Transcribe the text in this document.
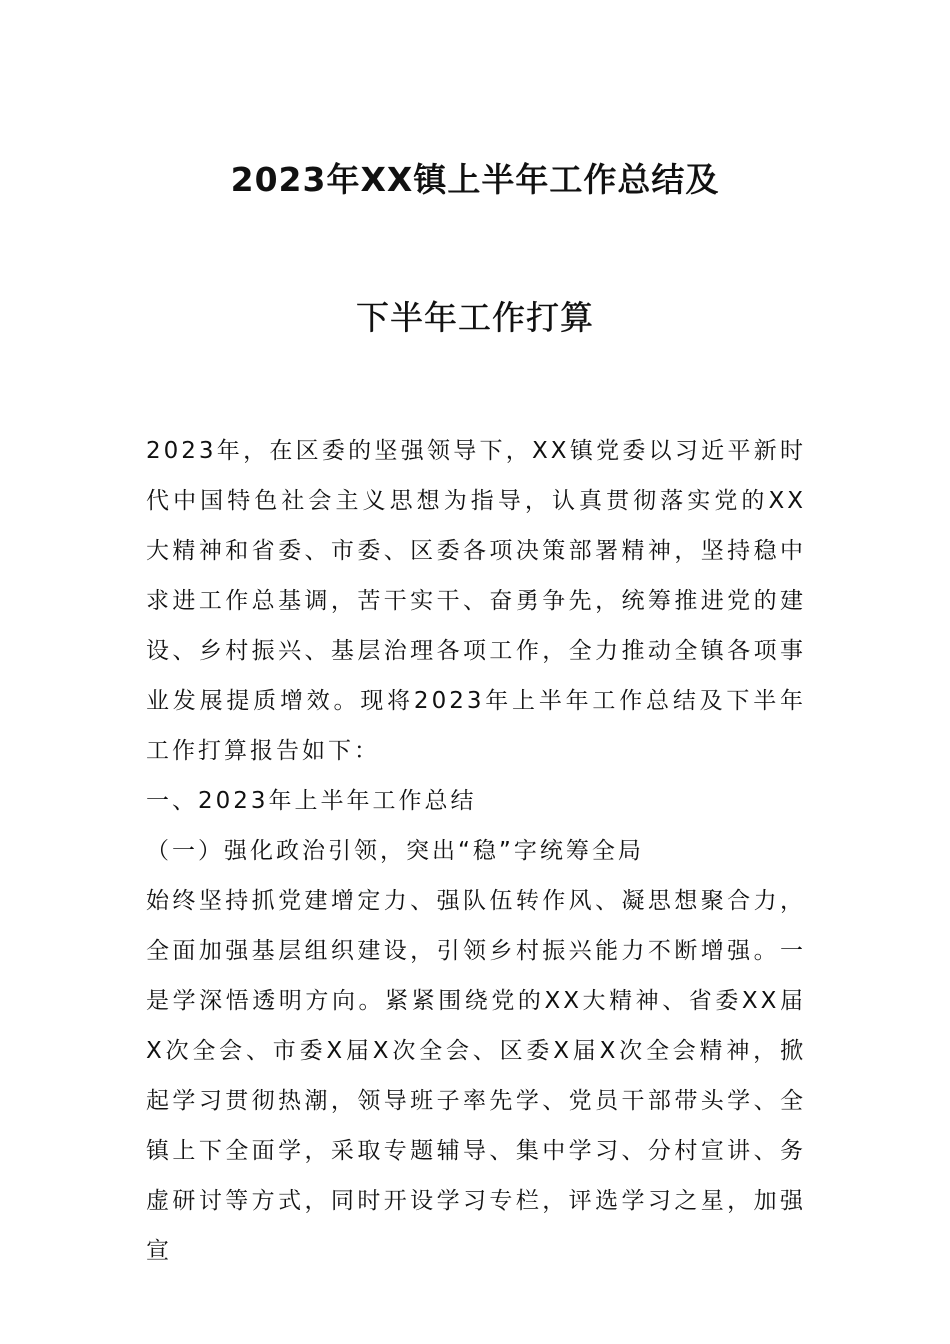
2023年XX镇上半年工作总结及
下半年工作打算

2023年，在区委的坚强领导下，XX镇党委以习近平新时代中国特色社会主义思想为指导，认真贯彻落实党的XX大精神和省委、市委、区委各项决策部署精神，坚持稳中求进工作总基调，苦干实干、奋勇争先，统筹推进党的建设、乡村振兴、基层治理各项工作，全力推动全镇各项事业发展提质增效。现将2023年上半年工作总结及下半年工作打算报告如下：

一、2023年上半年工作总结

（一）强化政治引领，突出“稳”字统筹全局

始终坚持抓党建增定力、强队伍转作风、凝思想聚合力，全面加强基层组织建设，引领乡村振兴能力不断增强。一是学深悟透明方向。紧紧围绕党的XX大精神、省委XX届X次全会、市委X届X次全会、区委X届X次全会精神，掀起学习贯彻热潮，领导班子率先学、党员干部带头学、全镇上下全面学，采取专题辅导、集中学习、分村宣讲、务虚研讨等方式，同时开设学习专栏，评选学习之星，加强宣
